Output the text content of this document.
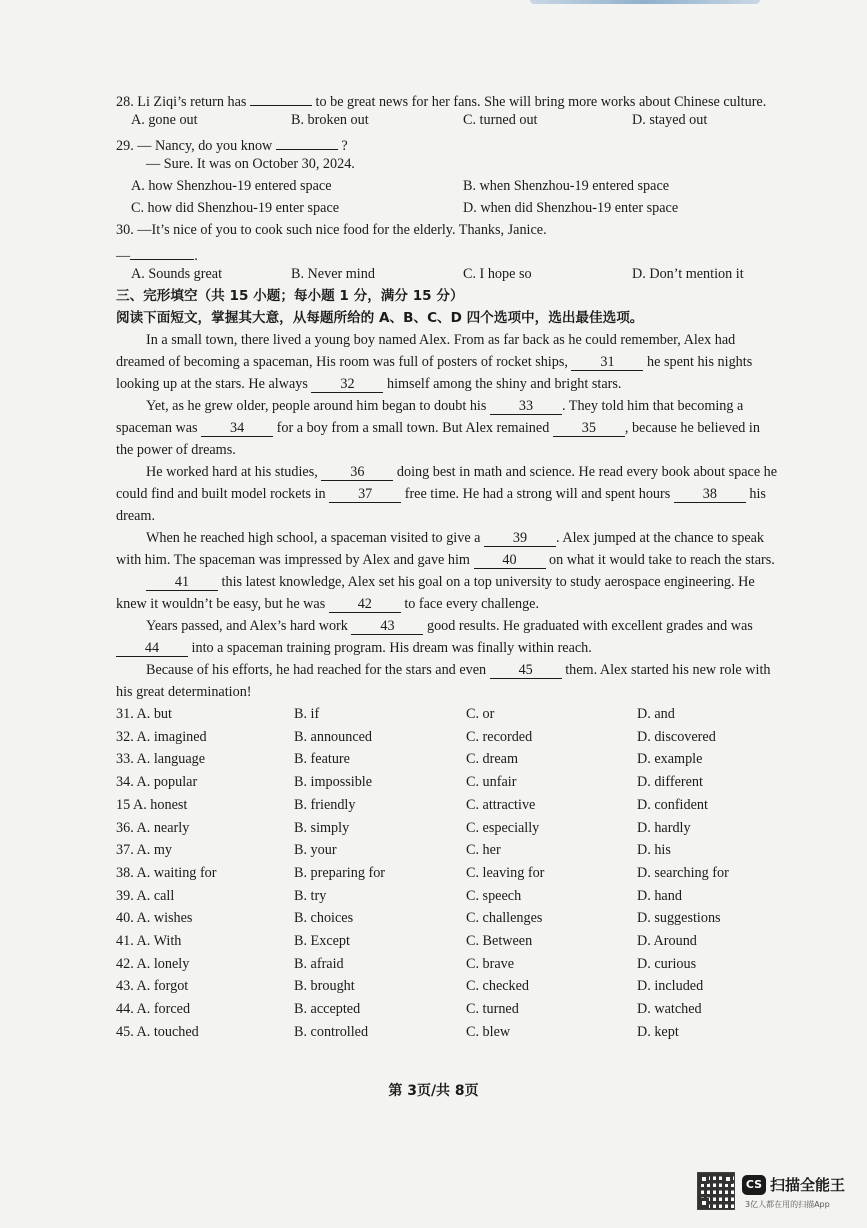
28. Li Ziqi’s return has	to be great news for her fans. She will bring more works about Chinese culture.
A. gone out	B. broken out	C. turned out	D. stayed out
29. — Nancy, do you know	?
— Sure. It was on October 30, 2024.
A. how Shenzhou-19 entered space	B. when Shenzhou-19 entered space
C. how did Shenzhou-19 enter space	D. when did Shenzhou-19 enter space
30. —It’s nice of you to cook such nice food for the elderly. Thanks, Janice.
—	.
A. Sounds great	B. Never mind	C. I hope so	D. Don’t mention it
三、完形填空（共 15 小题；每小题 1 分，满分 15 分）
阅读下面短文，掌握其大意，从每题所给的 A、B、C、D 四个选项中，选出最佳选项。
In a small town, there lived a young boy named Alex. From as far back as he could remember, Alex had
dreamed of becoming a spaceman, His room was full of posters of rocket ships, 31 he spent his nights
looking up at the stars. He always 32 himself among the shiny and bright stars.
Yet, as he grew older, people around him began to doubt his 33 . They told him that becoming a
spaceman was 34 for a boy from a small town. But Alex remained 35 , because he believed in
the power of dreams.
He worked hard at his studies, 36 doing best in math and science. He read every book about space he
could find and built model rockets in 37 free time. He had a strong will and spent hours 38 his
dream.
When he reached high school, a spaceman visited to give a 39 . Alex jumped at the chance to speak
with him. The spaceman was impressed by Alex and gave him 40 on what it would take to reach the stars.
41 this latest knowledge, Alex set his goal on a top university to study aerospace engineering. He
knew it wouldn’t be easy, but he was 42 to face every challenge.
Years passed, and Alex’s hard work 43 good results. He graduated with excellent grades and was
44 into a spaceman training program. His dream was finally within reach.
Because of his efforts, he had reached for the stars and even 45 them. Alex started his new role with
his great determination!
31. A. but	B. if	C. or	D. and
32. A. imagined	B. announced	C. recorded	D. discovered
33. A. language	B. feature	C. dream	D. example
34. A. popular	B. impossible	C. unfair	D. different
15 A. honest	B. friendly	C. attractive	D. confident
36. A. nearly	B. simply	C. especially	D. hardly
37. A. my	B. your	C. her	D. his
38. A. waiting for	B. preparing for	C. leaving for	D. searching for
39. A. call	B. try	C. speech	D. hand
40. A. wishes	B. choices	C. challenges	D. suggestions
41. A. With	B. Except	C. Between	D. Around
42. A. lonely	B. afraid	C. brave	D. curious
43. A. forgot	B. brought	C. checked	D. included
44. A. forced	B. accepted	C. turned	D. watched
45. A. touched	B. controlled	C. blew	D. kept
第 3页/共 8页
CS 扫描全能王
3亿人都在用的扫描App
